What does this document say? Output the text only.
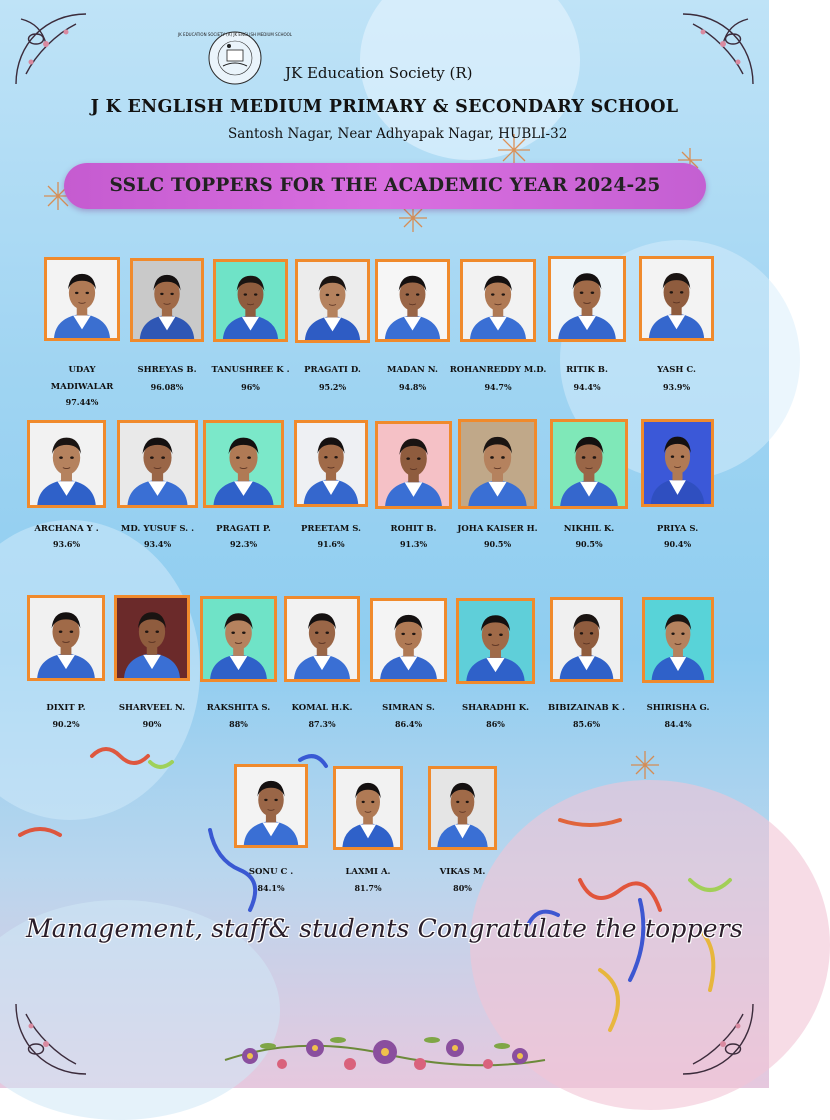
JK EDUCATION SOCIETY (R) JK ENGLISH MEDIUM SCHOOL
JK Education Society (R)
J K ENGLISH MEDIUM PRIMARY & SECONDARY SCHOOL
Santosh Nagar, Near Adhyapak Nagar, HUBLI-32
SSLC TOPPERS FOR THE ACADEMIC YEAR 2024-25
UDAY
MADIWALAR
97.44%
SHREYAS B.
96.08%
TANUSHREE K .
96%
PRAGATI D.
95.2%
MADAN N.
94.8%
ROHANREDDY M.D.
94.7%
RITIK B.
94.4%
YASH C.
93.9%
ARCHANA Y .
93.6%
MD. YUSUF S. .
93.4%
PRAGATI P.
92.3%
PREETAM S.
91.6%
ROHIT B.
91.3%
JOHA KAISER H.
90.5%
NIKHIL K.
90.5%
PRIYA S.
90.4%
DIXIT P.
90.2%
SHARVEEL N.
90%
RAKSHITA S.
88%
KOMAL H.K.
87.3%
SIMRAN S.
86.4%
SHARADHI K.
86%
BIBIZAINAB K .
85.6%
SHIRISHA G.
84.4%
SONU C .
84.1%
LAXMI A.
81.7%
VIKAS M.
80%
Management, staff& students Congratulate the toppers
